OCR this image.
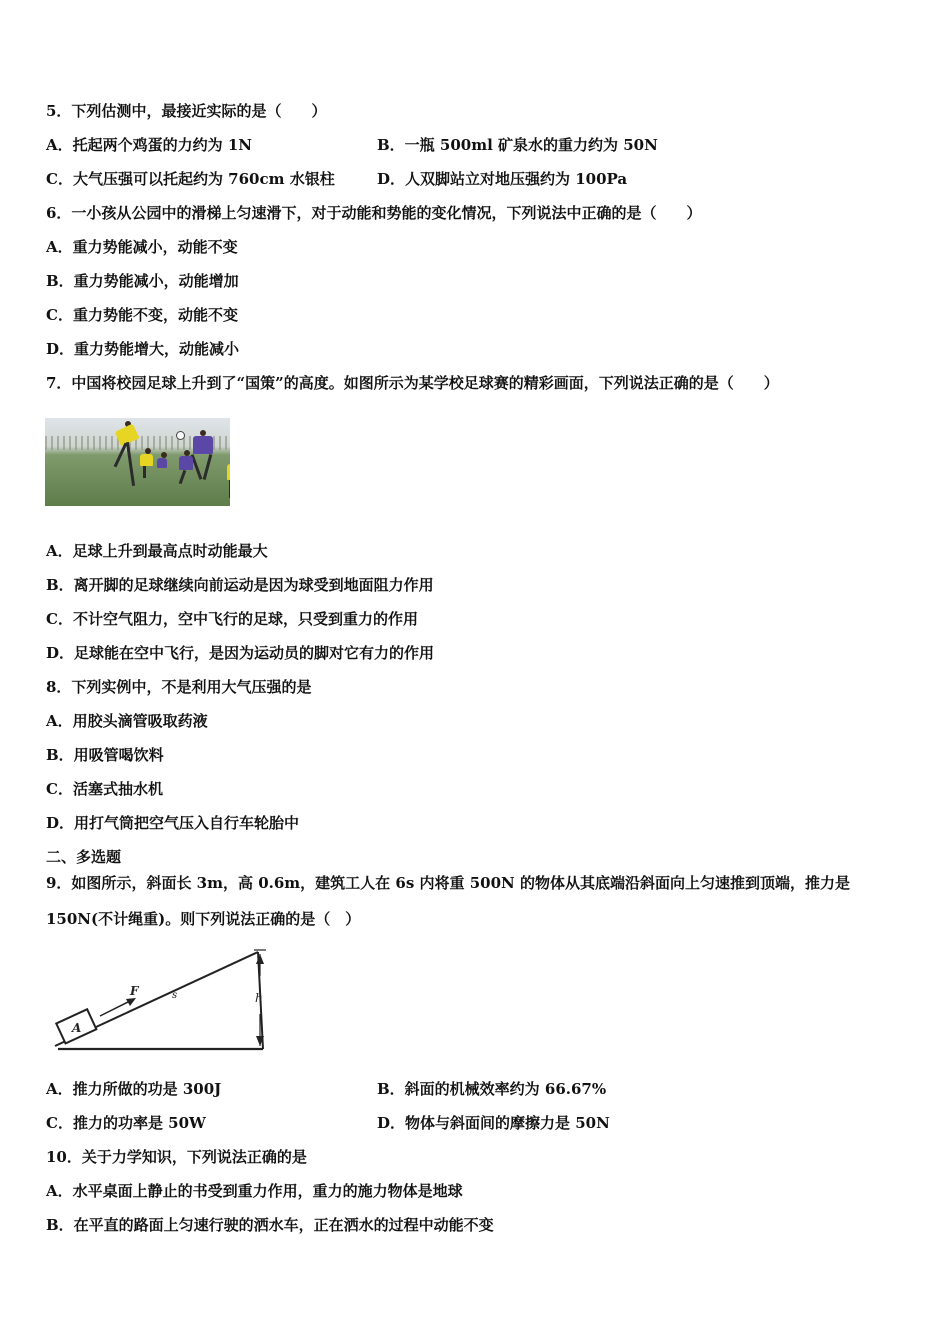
5．下列估测中，最接近实际的是（　　）
A．托起两个鸡蛋的力约为 1N	B．一瓶 500ml 矿泉水的重力约为 50N
C．大气压强可以托起约为 760cm 水银柱	D．人双脚站立对地压强约为 100Pa
6．一小孩从公园中的滑梯上匀速滑下，对于动能和势能的变化情况，下列说法中正确的是（　　）
A．重力势能减小，动能不变
B．重力势能减小，动能增加
C．重力势能不变，动能不变
D．重力势能增大，动能减小
7．中国将校园足球上升到了“国策”的高度。如图所示为某学校足球赛的精彩画面，下列说法正确的是（　　）
A．足球上升到最高点时动能最大
B．离开脚的足球继续向前运动是因为球受到地面阻力作用
C．不计空气阻力，空中飞行的足球，只受到重力的作用
D．足球能在空中飞行，是因为运动员的脚对它有力的作用
8．下列实例中，不是利用大气压强的是
A．用胶头滴管吸取药液
B．用吸管喝饮料
C．活塞式抽水机
D．用打气筒把空气压入自行车轮胎中
二、多选题
9．如图所示，斜面长 3m，高 0.6m，建筑工人在 6s 内将重 500N 的物体从其底端沿斜面向上匀速推到顶端，推力是
150N(不计绳重)。则下列说法正确的是（　）
A
F	s	h
A．推力所做的功是 300J	B．斜面的机械效率约为 66.67%
C．推力的功率是 50W	D．物体与斜面间的摩擦力是 50N
10．关于力学知识，下列说法正确的是
A．水平桌面上静止的书受到重力作用，重力的施力物体是地球
B．在平直的路面上匀速行驶的洒水车，正在洒水的过程中动能不变
